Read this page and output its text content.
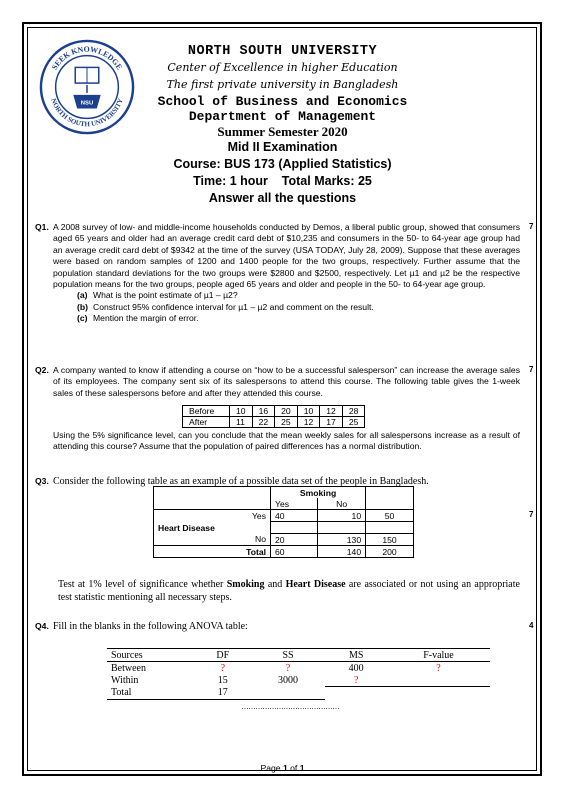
SEEK KNOWLEDGE
NORTH SOUTH UNIVERSITY
NSU
NORTH SOUTH UNIVERSITY
Center of Excellence in higher Education
The first private university in Bangladesh
School of Business and Economics
Department of Management
Summer Semester 2020
Mid II Examination
Course: BUS 173 (Applied Statistics)
Time: 1 hour    Total Marks: 25
Answer all the questions
Q1. A 2008 survey of low- and middle-income households conducted by Demos, a liberal public group, showed that consumers aged 65 years and older had an average credit card debt of $10,235 and consumers in the 50- to 64-year age group had an average credit card debt of $9342 at the time of the survey (USA TODAY, July 28, 2009). Suppose that these averages were based on random samples of 1200 and 1400 people for the two groups, respectively. Further assume that the population standard deviations for the two groups were $2800 and $2500, respectively. Let µ1 and µ2 be the respective population means for the two groups, people aged 65 years and older and people in the 50- to 64-year age group.
(a) What is the point estimate of µ1 – µ2?
(b) Construct 95% confidence interval for µ1 – µ2 and comment on the result.
(c) Mention the margin of error.
7
Q2. A company wanted to know if attending a course on “how to be a successful salesperson” can increase the average sales of its employees. The company sent six of its salespersons to attend this course. The following table gives the 1-week sales of these salespersons before and after they attended this course.
7
Before	10	16	20	10	12	28
After	11	22	25	12	17	25
Using the 5% significance level, can you conclude that the mean weekly sales for all salespersons increase as a result of attending this course? Assume that the population of paired differences has a normal distribution.
Q3. Consider the following table as an example of a possible data set of the people in Bangladesh.
7
	Smoking		
	Yes	No	
Yes	40	10	50
Heart Disease			
No	20	130	150
Total	60	140	200
Test at 1% level of significance whether Smoking and Heart Disease are associated or not using an appropriate test statistic mentioning all necessary steps.
Q4. Fill in the blanks in the following ANOVA table:	4
Sources	DF	SS	MS	F-value
Between	?	?	400	?
Within	15	3000	?	
Total	17			
……………………………………
Page 1 of 1
